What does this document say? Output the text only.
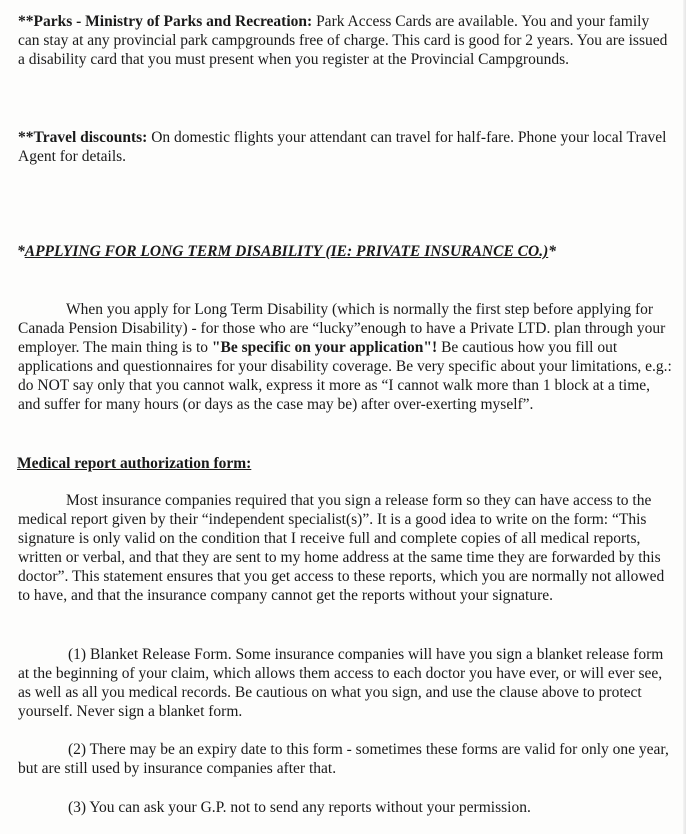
**Parks - Ministry of Parks and Recreation: Park Access Cards are available. You and your family can stay at any provincial park campgrounds free of charge. This card is good for 2 years. You are issued a disability card that you must present when you register at the Provincial Campgrounds.

**Travel discounts: On domestic flights your attendant can travel for half-fare. Phone your local Travel Agent for details.

*APPLYING FOR LONG TERM DISABILITY (IE: PRIVATE INSURANCE CO.)*

When you apply for Long Term Disability (which is normally the first step before applying for Canada Pension Disability) - for those who are “lucky”enough to have a Private LTD. plan through your employer. The main thing is to "Be specific on your application"! Be cautious how you fill out applications and questionnaires for your disability coverage. Be very specific about your limitations, e.g.: do NOT say only that you cannot walk, express it more as “I cannot walk more than 1 block at a time, and suffer for many hours (or days as the case may be) after over-exerting myself”.

Medical report authorization form:

Most insurance companies required that you sign a release form so they can have access to the medical report given by their “independent specialist(s)”. It is a good idea to write on the form: “This signature is only valid on the condition that I receive full and complete copies of all medical reports, written or verbal, and that they are sent to my home address at the same time they are forwarded by this doctor”. This statement ensures that you get access to these reports, which you are normally not allowed to have, and that the insurance company cannot get the reports without your signature.

(1) Blanket Release Form. Some insurance companies will have you sign a blanket release form at the beginning of your claim, which allows them access to each doctor you have ever, or will ever see, as well as all you medical records. Be cautious on what you sign, and use the clause above to protect yourself. Never sign a blanket form.

(2) There may be an expiry date to this form - sometimes these forms are valid for only one year, but are still used by insurance companies after that.

(3) You can ask your G.P. not to send any reports without your permission.
